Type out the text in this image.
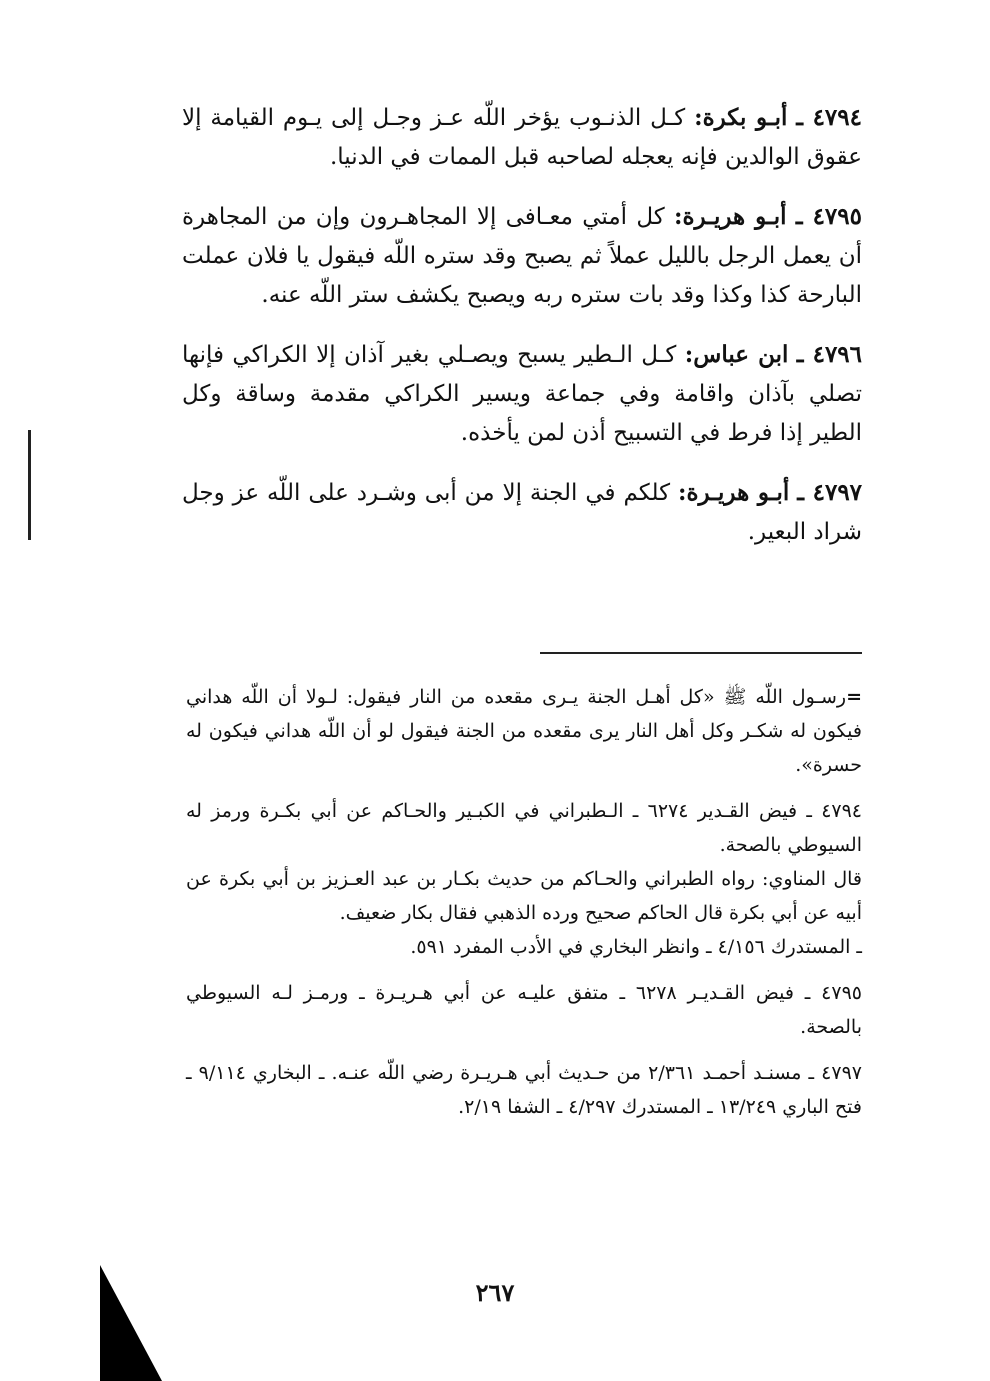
٤٧٩٤ ـ أبـو بكرة: كـل الذنـوب يؤخر اللّه عـز وجـل إلى يـوم القيامة إلا عقوق الوالدين فإنه يعجله لصاحبه قبل الممات في الدنيا.

٤٧٩٥ ـ أبـو هريـرة: كل أمتي معـافى إلا المجاهـرون وإن من المجاهرة أن يعمل الرجل بالليل عملاً ثم يصبح وقد ستره اللّه فيقول يا فلان عملت البارحة كذا وكذا وقد بات ستره ربه ويصبح يكشف ستر اللّه عنه.

٤٧٩٦ ـ ابن عباس: كـل الـطير يسبح ويصـلي بغير آذان إلا الكراكي فإنها تصلي بآذان واقامة وفي جماعة ويسير الكراكي مقدمة وساقة وكل الطير إذا فرط في التسبيح أذن لمن يأخذه.

٤٧٩٧ ـ أبـو هريـرة: كلكم في الجنة إلا من أبى وشـرد على اللّه عز وجل شراد البعير.

=رسـول اللّه ﷺ «كل أهـل الجنة يـرى مقعده من النار فيقول: لـولا أن اللّه هداني فيكون له شكـر وكل أهل النار يرى مقعده من الجنة فيقول لو أن اللّه هداني فيكون له حسرة».

٤٧٩٤ ـ فيض القـدير ٦٢٧٤ ـ الـطبراني في الكبـير والحـاكم عن أبي بكـرة ورمز له السيوطي بالصحة.

قال المناوي: رواه الطبراني والحـاكم من حديث بكـار بن عبد العـزيز بن أبي بكرة عن أبيه عن أبي بكرة قال الحاكم صحيح ورده الذهبي فقال بكار ضعيف.

ـ المستدرك ٤/١٥٦ ـ وانظر البخاري في الأدب المفرد ٥٩١.

٤٧٩٥ ـ فيض القـديـر ٦٢٧٨ ـ متفق عليـه عن أبي هـريـرة ـ ورمـز لـه السيوطي بالصحة.

٤٧٩٧ ـ مسنـد أحمـد ٢/٣٦١ من حـديث أبي هـريـرة رضي اللّه عنـه. ـ البخاري ٩/١١٤ ـ فتح الباري ١٣/٢٤٩ ـ المستدرك ٤/٢٩٧ ـ الشفا ٢/١٩.

٢٦٧
